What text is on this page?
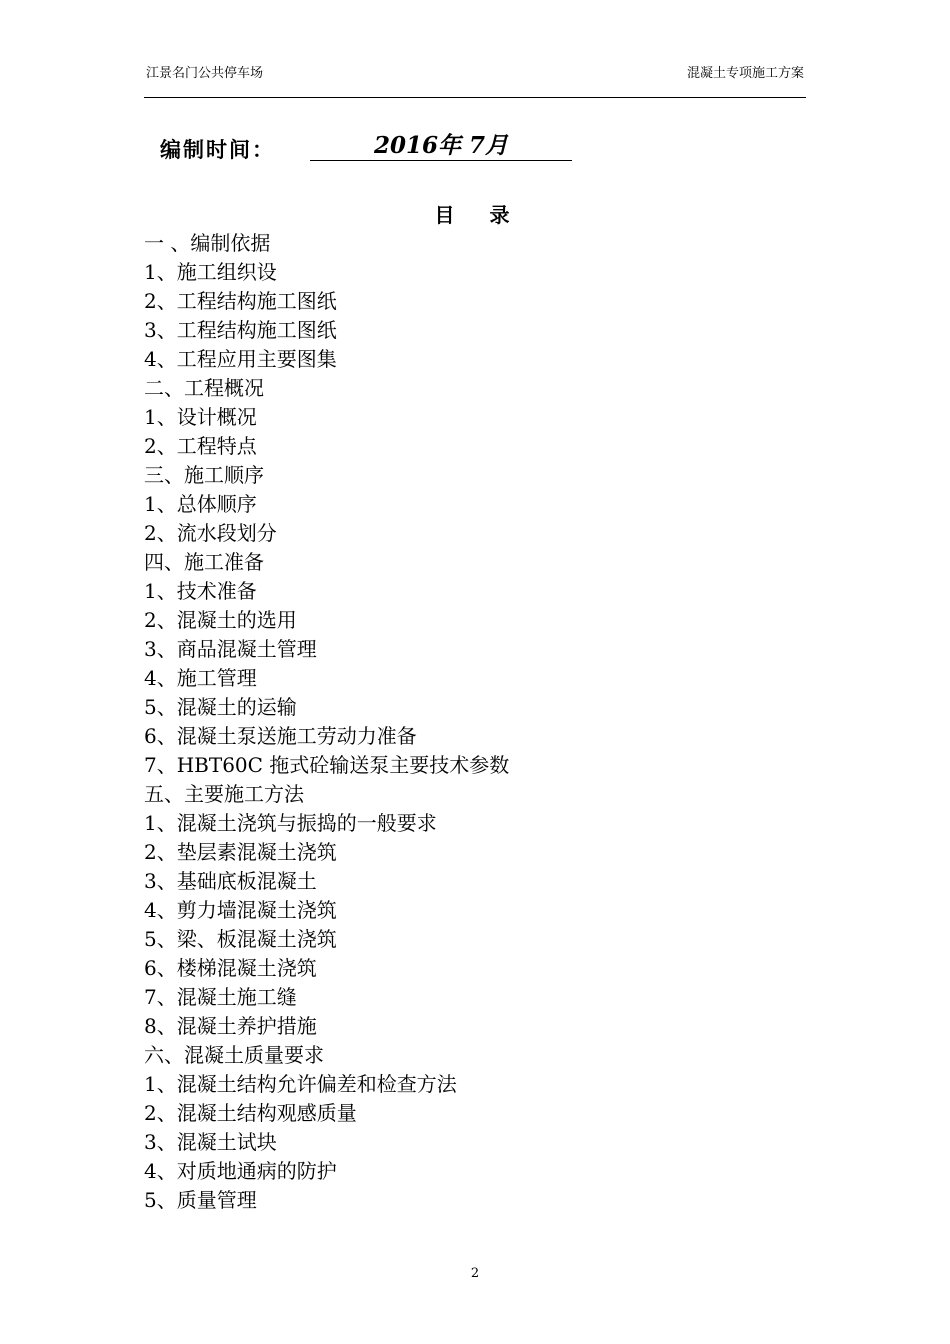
江景名门公共停车场	混凝土专项施工方案
编制时间：	2016年 7月
目 录
一 、编制依据
1、施工组织设
2、工程结构施工图纸
3、工程结构施工图纸
4、工程应用主要图集
二、工程概况
1、设计概况
2、工程特点
三、施工顺序
1、总体顺序
2、流水段划分
四、施工准备
1、技术准备
2、混凝土的选用
3、商品混凝土管理
4、施工管理
5、混凝土的运输
6、混凝土泵送施工劳动力准备
7、HBT60C 拖式砼输送泵主要技术参数
五、主要施工方法
1、混凝土浇筑与振捣的一般要求
2、垫层素混凝土浇筑
3、基础底板混凝土
4、剪力墙混凝土浇筑
5、梁、板混凝土浇筑
6、楼梯混凝土浇筑
7、混凝土施工缝
8、混凝土养护措施
六、混凝土质量要求
1、混凝土结构允许偏差和检查方法
2、混凝土结构观感质量
3、混凝土试块
4、对质地通病的防护
5、质量管理
2
